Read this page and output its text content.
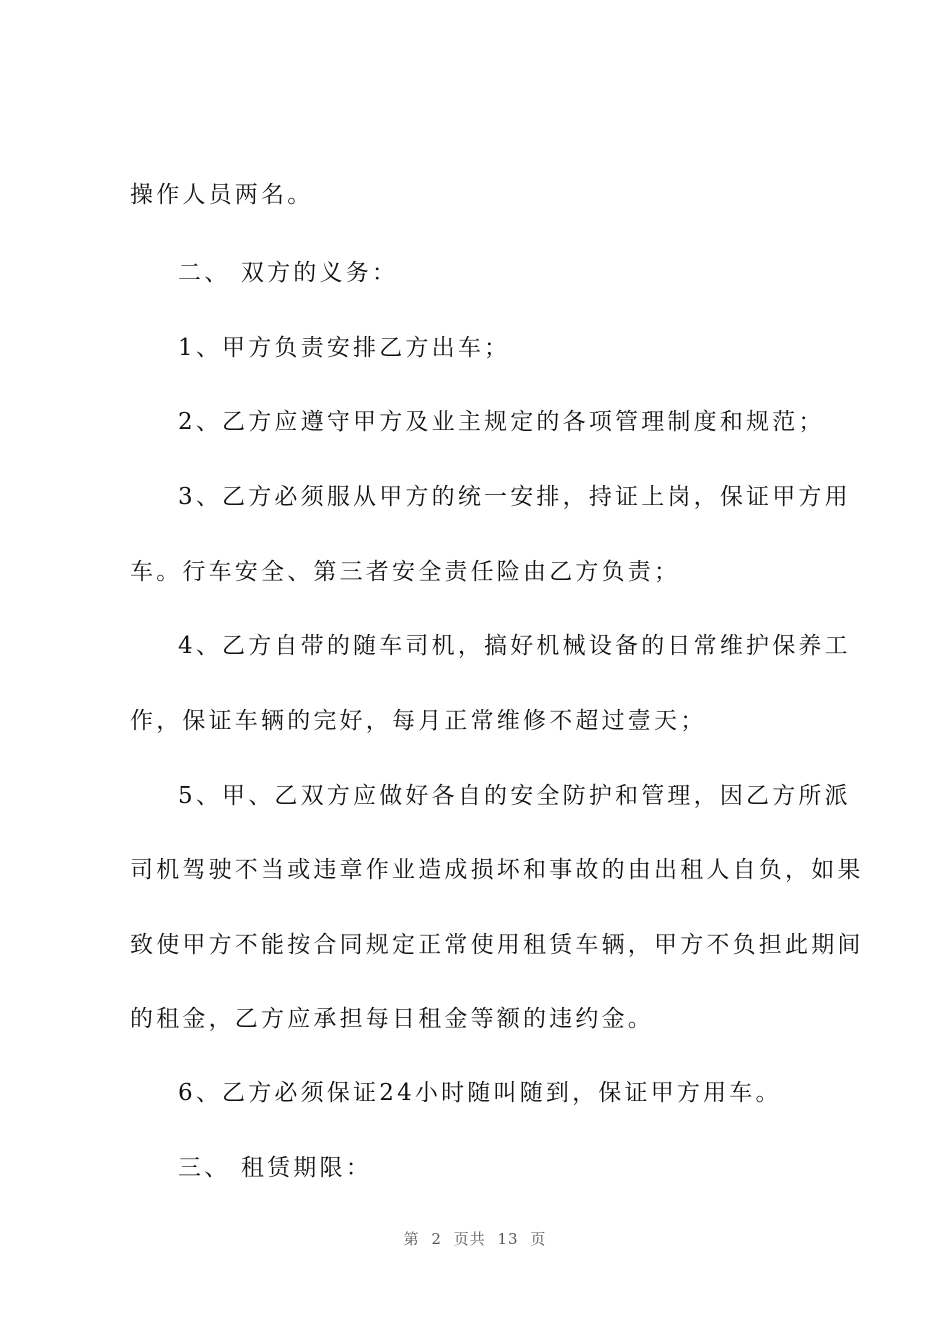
操作人员两名。
二、 双方的义务：
1、甲方负责安排乙方出车；
2、乙方应遵守甲方及业主规定的各项管理制度和规范；
3、乙方必须服从甲方的统一安排，持证上岗，保证甲方用
车。行车安全、第三者安全责任险由乙方负责；
4、乙方自带的随车司机，搞好机械设备的日常维护保养工
作，保证车辆的完好，每月正常维修不超过壹天；
5、甲、乙双方应做好各自的安全防护和管理，因乙方所派
司机驾驶不当或违章作业造成损坏和事故的由出租人自负，如果
致使甲方不能按合同规定正常使用租赁车辆，甲方不负担此期间
的租金，乙方应承担每日租金等额的违约金。
6、乙方必须保证24小时随叫随到，保证甲方用车。
三、 租赁期限：
第 2 页共 13 页
